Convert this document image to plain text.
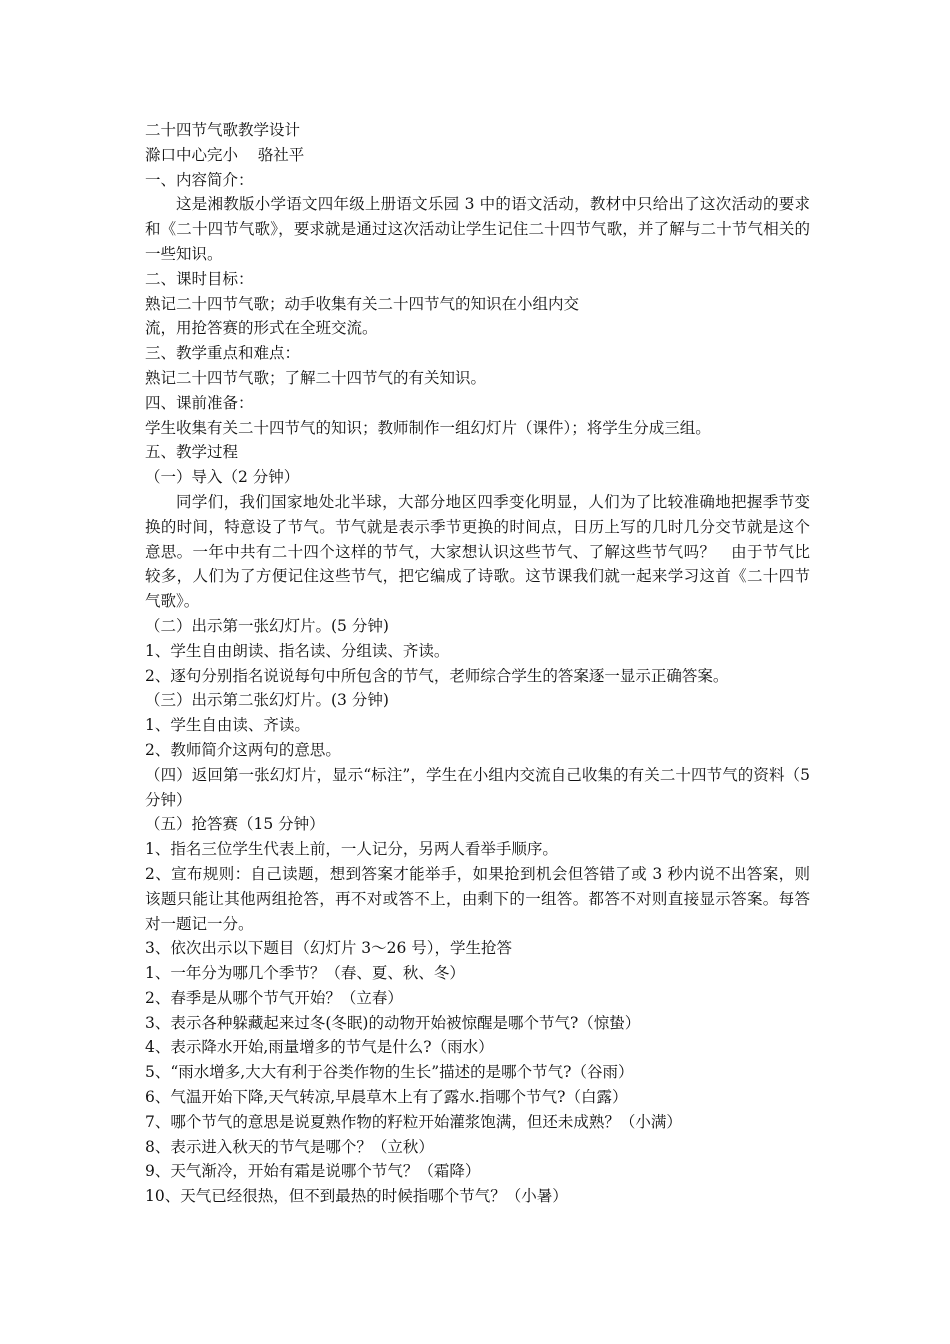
二十四节气歌教学设计

滁口中心完小    骆社平

一、内容简介：

这是湘教版小学语文四年级上册语文乐园 3 中的语文活动，教材中只给出了这次活动的要求和《二十四节气歌》，要求就是通过这次活动让学生记住二十四节气歌，并了解与二十节气相关的一些知识。

二、课时目标：

熟记二十四节气歌；动手收集有关二十四节气的知识在小组内交

流，用抢答赛的形式在全班交流。

三、教学重点和难点：

熟记二十四节气歌；了解二十四节气的有关知识。

四、课前准备：

学生收集有关二十四节气的知识；教师制作一组幻灯片（课件）；将学生分成三组。

五、教学过程

（一）导入（2 分钟）

同学们，我们国家地处北半球，大部分地区四季变化明显，人们为了比较准确地把握季节变换的时间，特意设了节气。节气就是表示季节更换的时间点，日历上写的几时几分交节就是这个意思。一年中共有二十四个这样的节气，大家想认识这些节气、了解这些节气吗？   由于节气比较多，人们为了方便记住这些节气，把它编成了诗歌。这节课我们就一起来学习这首《二十四节气歌》。

（二）出示第一张幻灯片。(5 分钟)

1、学生自由朗读、指名读、分组读、齐读。

2、逐句分别指名说说每句中所包含的节气，老师综合学生的答案逐一显示正确答案。

（三）出示第二张幻灯片。(3 分钟)

1、学生自由读、齐读。

2、教师简介这两句的意思。

（四）返回第一张幻灯片，显示“标注”，学生在小组内交流自己收集的有关二十四节气的资料（5 分钟）

（五）抢答赛（15 分钟）

1、指名三位学生代表上前，一人记分，另两人看举手顺序。

2、宣布规则：自己读题，想到答案才能举手，如果抢到机会但答错了或 3 秒内说不出答案，则该题只能让其他两组抢答，再不对或答不上，由剩下的一组答。都答不对则直接显示答案。每答对一题记一分。

3、依次出示以下题目（幻灯片 3～26 号），学生抢答

1、一年分为哪几个季节？（春、夏、秋、冬）

2、春季是从哪个节气开始？（立春）

3、表示各种躲藏起来过冬(冬眠)的动物开始被惊醒是哪个节气?（惊蛰）

4、表示降水开始,雨量增多的节气是什么?（雨水）

5、“雨水增多,大大有利于谷类作物的生长”描述的是哪个节气?（谷雨）

6、气温开始下降,天气转凉,早晨草木上有了露水.指哪个节气?（白露）

7、哪个节气的意思是说夏熟作物的籽粒开始灌浆饱满，但还未成熟？（小满）

8、表示进入秋天的节气是哪个？（立秋）

9、天气渐冷，开始有霜是说哪个节气？（霜降）

10、天气已经很热，但不到最热的时候指哪个节气？（小暑）
